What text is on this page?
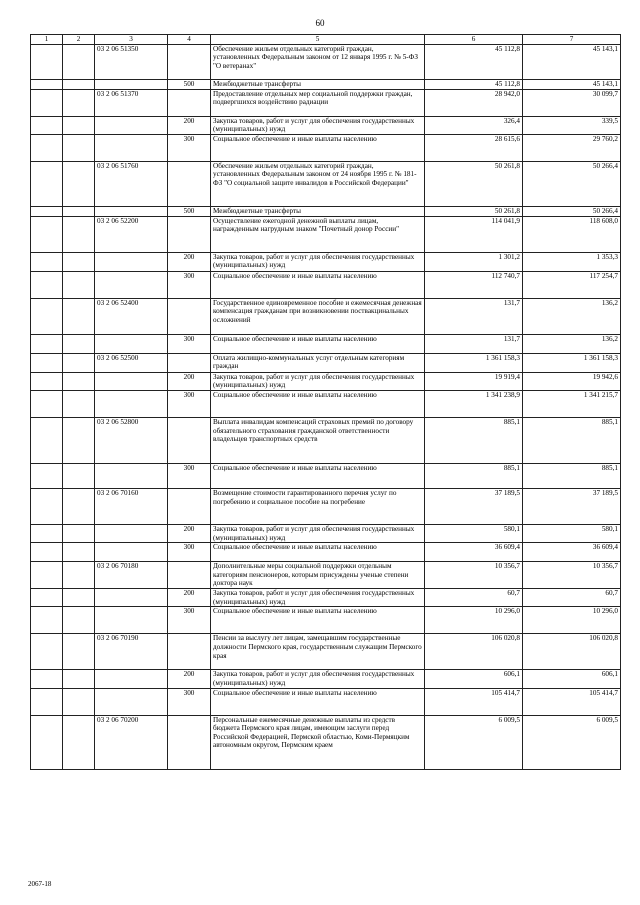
60
1	2	3	4	5	6	7
		03 2 06 51350		Обеспечение жильем отдельных категорий граждан, установленных Федеральным законом от 12 января 1995 г. № 5-ФЗ "О ветеранах"	45 112,8	45 143,1
			500	Межбюджетные трансферты	45 112,8	45 143,1
		03 2 06 51370		Предоставление отдельных мер социальной поддержки граждан, подвергшихся воздействию радиации	28 942,0	30 099,7
			200	Закупка товаров, работ и услуг для обеспечения государственных (муниципальных) нужд	326,4	339,5
			300	Социальное обеспечение и иные выплаты населению	28 615,6	29 760,2
		03 2 06 51760		Обеспечение жильем отдельных категорий граждан, установленных Федеральным законом от 24 ноября 1995 г. № 181-ФЗ "О социальной защите инвалидов в Российской Федерации"	50 261,8	50 266,4
			500	Межбюджетные трансферты	50 261,8	50 266,4
		03 2 06 52200		Осуществление ежегодной денежной выплаты лицам, награжденным нагрудным знаком "Почетный донор России"	114 041,9	118 608,0
			200	Закупка товаров, работ и услуг для обеспечения государственных (муниципальных) нужд	1 301,2	1 353,3
			300	Социальное обеспечение и иные выплаты населению	112 740,7	117 254,7
		03 2 06 52400		Государственное единовременное пособие и ежемесячная денежная компенсация гражданам при возникновении поствакцинальных осложнений	131,7	136,2
			300	Социальное обеспечение и иные выплаты населению	131,7	136,2
		03 2 06 52500		Оплата жилищно-коммунальных услуг отдельным категориям граждан	1 361 158,3	1 361 158,3
			200	Закупка товаров, работ и услуг для обеспечения государственных (муниципальных) нужд	19 919,4	19 942,6
			300	Социальное обеспечение и иные выплаты населению	1 341 238,9	1 341 215,7
		03 2 06 52800		Выплата инвалидам компенсаций страховых премий по договору обязательного страхования гражданской ответственности владельцев транспортных средств	885,1	885,1
			300	Социальное обеспечение и иные выплаты населению	885,1	885,1
		03 2 06 70160		Возмещение стоимости гарантированного перечня услуг по погребению и социальное пособие на погребение	37 189,5	37 189,5
			200	Закупка товаров, работ и услуг для обеспечения государственных (муниципальных) нужд	580,1	580,1
			300	Социальное обеспечение и иные выплаты населению	36 609,4	36 609,4
		03 2 06 70180		Дополнительные меры социальной поддержки отдельным категориям пенсионеров, которым присуждены ученые степени доктора наук	10 356,7	10 356,7
			200	Закупка товаров, работ и услуг для обеспечения государственных (муниципальных) нужд	60,7	60,7
			300	Социальное обеспечение и иные выплаты населению	10 296,0	10 296,0
		03 2 06 70190		Пенсии за выслугу лет лицам, замещавшим государственные должности Пермского края, государственным служащим Пермского края	106 020,8	106 020,8
			200	Закупка товаров, работ и услуг для обеспечения государственных (муниципальных) нужд	606,1	606,1
			300	Социальное обеспечение и иные выплаты населению	105 414,7	105 414,7
		03 2 06 70200		Персональные ежемесячные денежные выплаты из средств бюджета Пермского края лицам, имеющим заслуги перед Российской Федерацией, Пермской областью, Коми-Пермяцким автономным округом, Пермским краем	6 009,5	6 009,5
2067-18
